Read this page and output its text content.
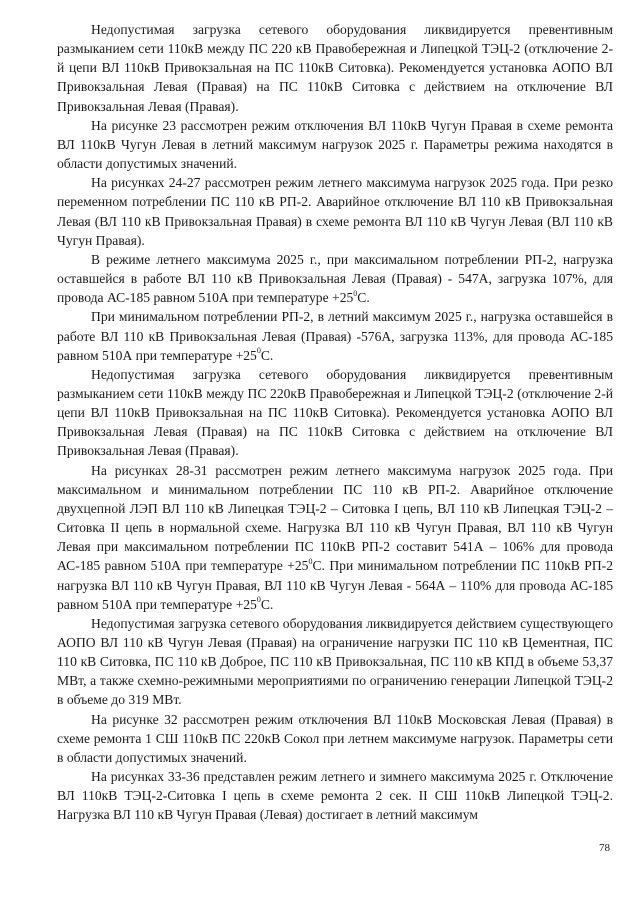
Недопустимая загрузка сетевого оборудования ликвидируется превентивным размыканием сети 110кВ между ПС 220 кВ Правобережная и Липецкой ТЭЦ-2 (отключение 2-й цепи ВЛ 110кВ Привокзальная на ПС 110кВ Ситовка). Рекомендуется установка АОПО ВЛ Привокзальная Левая (Правая) на ПС 110кВ Ситовка с действием на отключение ВЛ Привокзальная Левая (Правая).

На рисунке 23 рассмотрен режим отключения ВЛ 110кВ Чугун Правая в схеме ремонта ВЛ 110кВ Чугун Левая в летний максимум нагрузок 2025 г. Параметры режима находятся в области допустимых значений.

На рисунках 24-27 рассмотрен режим летнего максимума нагрузок 2025 года. При резко переменном потреблении ПС 110 кВ РП-2. Аварийное отключение ВЛ 110 кВ Привокзальная Левая (ВЛ 110 кВ Привокзальная Правая) в схеме ремонта ВЛ 110 кВ Чугун Левая (ВЛ 110 кВ Чугун Правая).

В режиме летнего максимума 2025 г., при максимальном потреблении РП-2, нагрузка оставшейся в работе ВЛ 110 кВ Привокзальная Левая (Правая) - 547А, загрузка 107%, для провода АС-185 равном 510А при температуре $+25^0С$.

При минимальном потреблении РП-2, в летний максимум 2025 г., нагрузка оставшейся в работе ВЛ 110 кВ Привокзальная Левая (Правая) -576А, загрузка 113%, для провода АС-185 равном 510А при температуре $+25^0С$.

Недопустимая загрузка сетевого оборудования ликвидируется превентивным размыканием сети 110кВ между ПС 220кВ Правобережная и Липецкой ТЭЦ-2 (отключение 2-й цепи ВЛ 110кВ Привокзальная на ПС 110кВ Ситовка). Рекомендуется установка АОПО ВЛ Привокзальная Левая (Правая) на ПС 110кВ Ситовка с действием на отключение ВЛ Привокзальная Левая (Правая).

На рисунках 28-31 рассмотрен режим летнего максимума нагрузок 2025 года. При максимальном и минимальном потреблении ПС 110 кВ РП-2. Аварийное отключение двухцепной ЛЭП ВЛ 110 кВ Липецкая ТЭЦ-2 – Ситовка I цепь, ВЛ 110 кВ Липецкая ТЭЦ-2 – Ситовка II цепь в нормальной схеме. Нагрузка ВЛ 110 кВ Чугун Правая, ВЛ 110 кВ Чугун Левая при максимальном потреблении ПС 110кВ РП-2 составит 541А – 106% для провода АС-185 равном 510А при температуре $+25^0С$. При минимальном потреблении ПС 110кВ РП-2 нагрузка ВЛ 110 кВ Чугун Правая, ВЛ 110 кВ Чугун Левая - 564А – 110% для провода АС-185 равном 510А при температуре $+25^0С$.

Недопустимая загрузка сетевого оборудования ликвидируется действием существующего АОПО ВЛ 110 кВ Чугун Левая (Правая) на ограничение нагрузки ПС 110 кВ Цементная, ПС 110 кВ Ситовка, ПС 110 кВ Доброе, ПС 110 кВ Привокзальная, ПС 110 кВ КПД в объеме 53,37 МВт, а также схемно-режимными мероприятиями по ограничению генерации Липецкой ТЭЦ-2 в объеме до 319 МВт.

На рисунке 32 рассмотрен режим отключения ВЛ 110кВ Московская Левая (Правая) в схеме ремонта 1 СШ 110кВ ПС 220кВ Сокол при летнем максимуме нагрузок. Параметры сети в области допустимых значений.

На рисунках 33-36 представлен режим летнего и зимнего максимума 2025 г. Отключение ВЛ 110кВ ТЭЦ-2-Ситовка I цепь в схеме ремонта 2 сек. II СШ 110кВ Липецкой ТЭЦ-2. Нагрузка ВЛ 110 кВ Чугун Правая (Левая) достигает в летний максимум

78
